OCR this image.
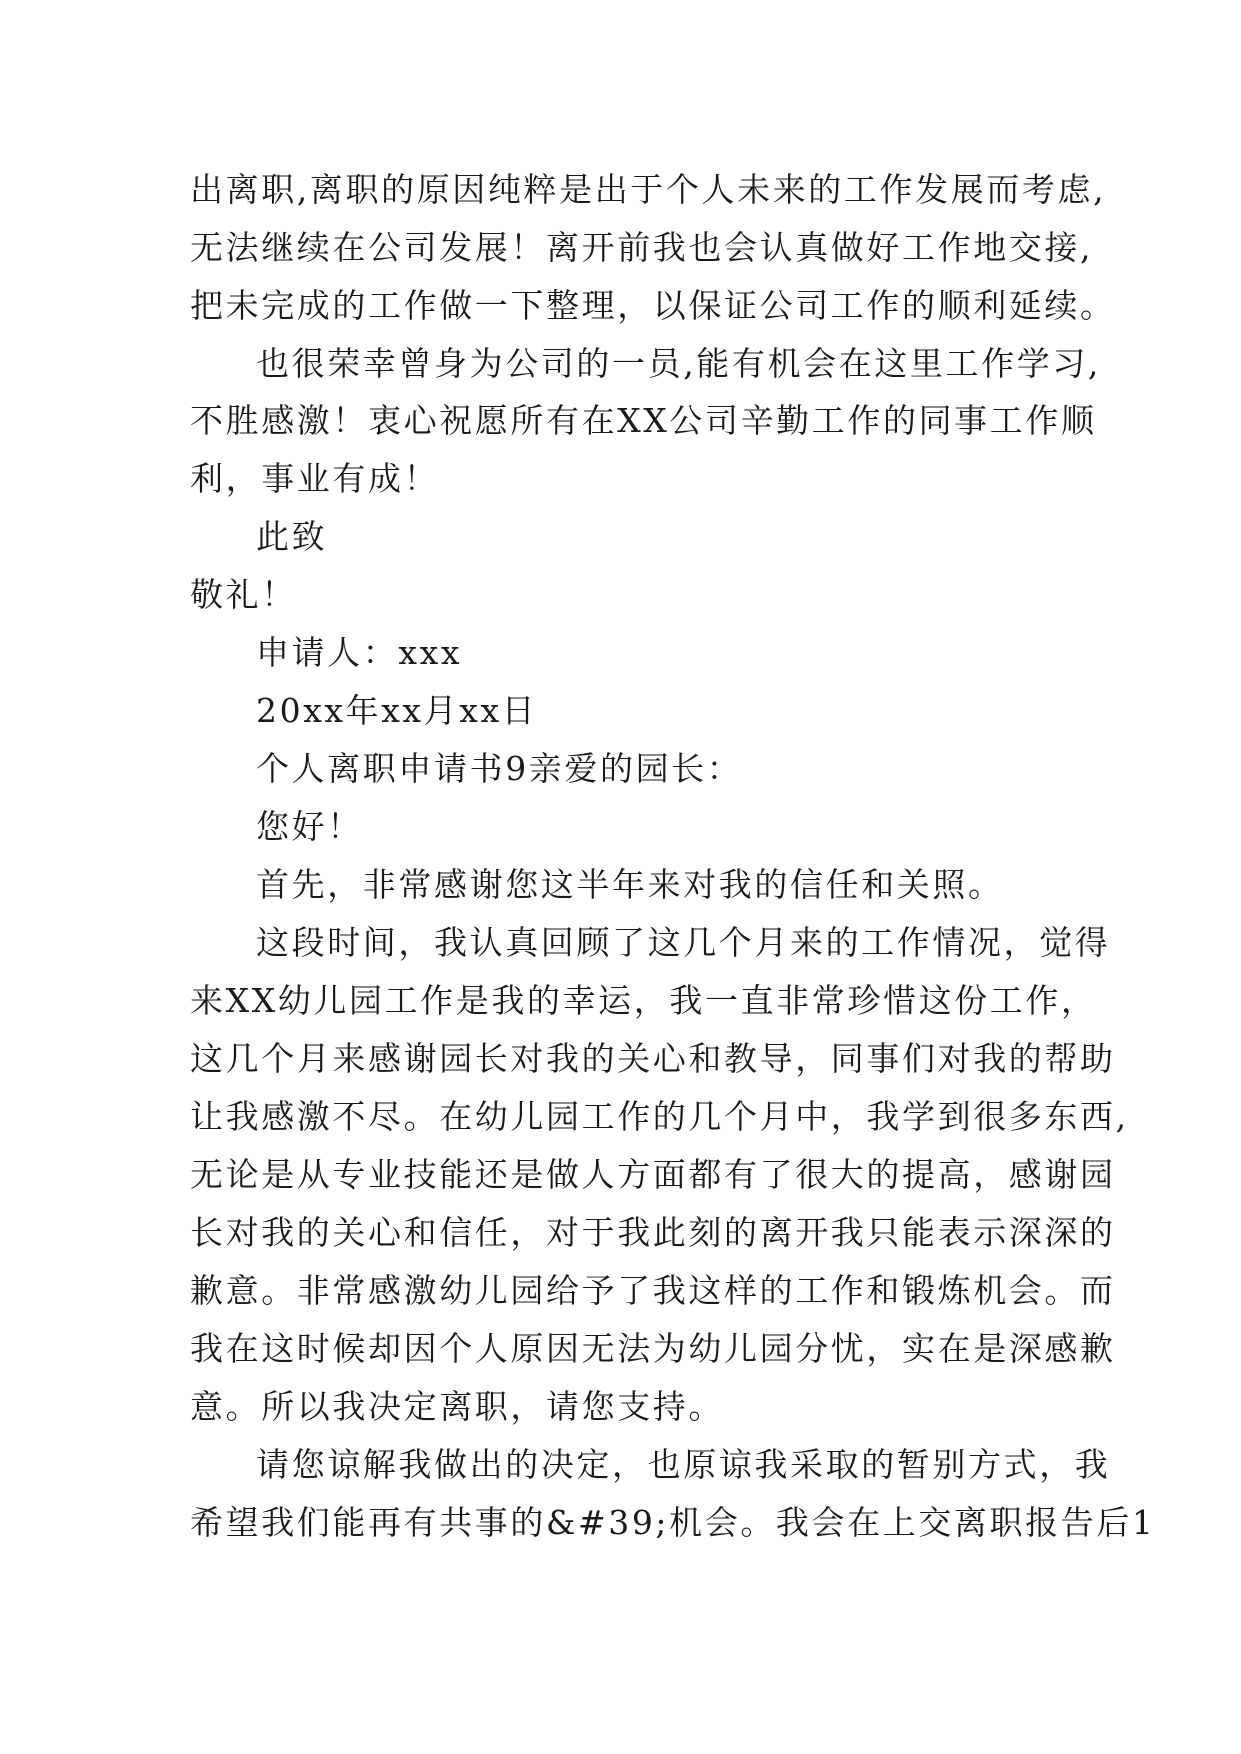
出离职,离职的原因纯粹是出于个人未来的工作发展而考虑,
无法继续在公司发展！离开前我也会认真做好工作地交接,
把未完成的工作做一下整理，以保证公司工作的顺利延续。
也很荣幸曾身为公司的一员,能有机会在这里工作学习,
不胜感激！衷心祝愿所有在XX公司辛勤工作的同事工作顺
利，事业有成！
此致
敬礼！
申请人：xxx
20xx年xx月xx日
个人离职申请书9亲爱的园长：
您好！
首先，非常感谢您这半年来对我的信任和关照。
这段时间，我认真回顾了这几个月来的工作情况，觉得
来XX幼儿园工作是我的幸运，我一直非常珍惜这份工作，
这几个月来感谢园长对我的关心和教导，同事们对我的帮助
让我感激不尽。在幼儿园工作的几个月中，我学到很多东西,
无论是从专业技能还是做人方面都有了很大的提高，感谢园
长对我的关心和信任，对于我此刻的离开我只能表示深深的
歉意。非常感激幼儿园给予了我这样的工作和锻炼机会。而
我在这时候却因个人原因无法为幼儿园分忧，实在是深感歉
意。所以我决定离职，请您支持。
请您谅解我做出的决定，也原谅我采取的暂别方式，我
希望我们能再有共事的&#39;机会。我会在上交离职报告后1
